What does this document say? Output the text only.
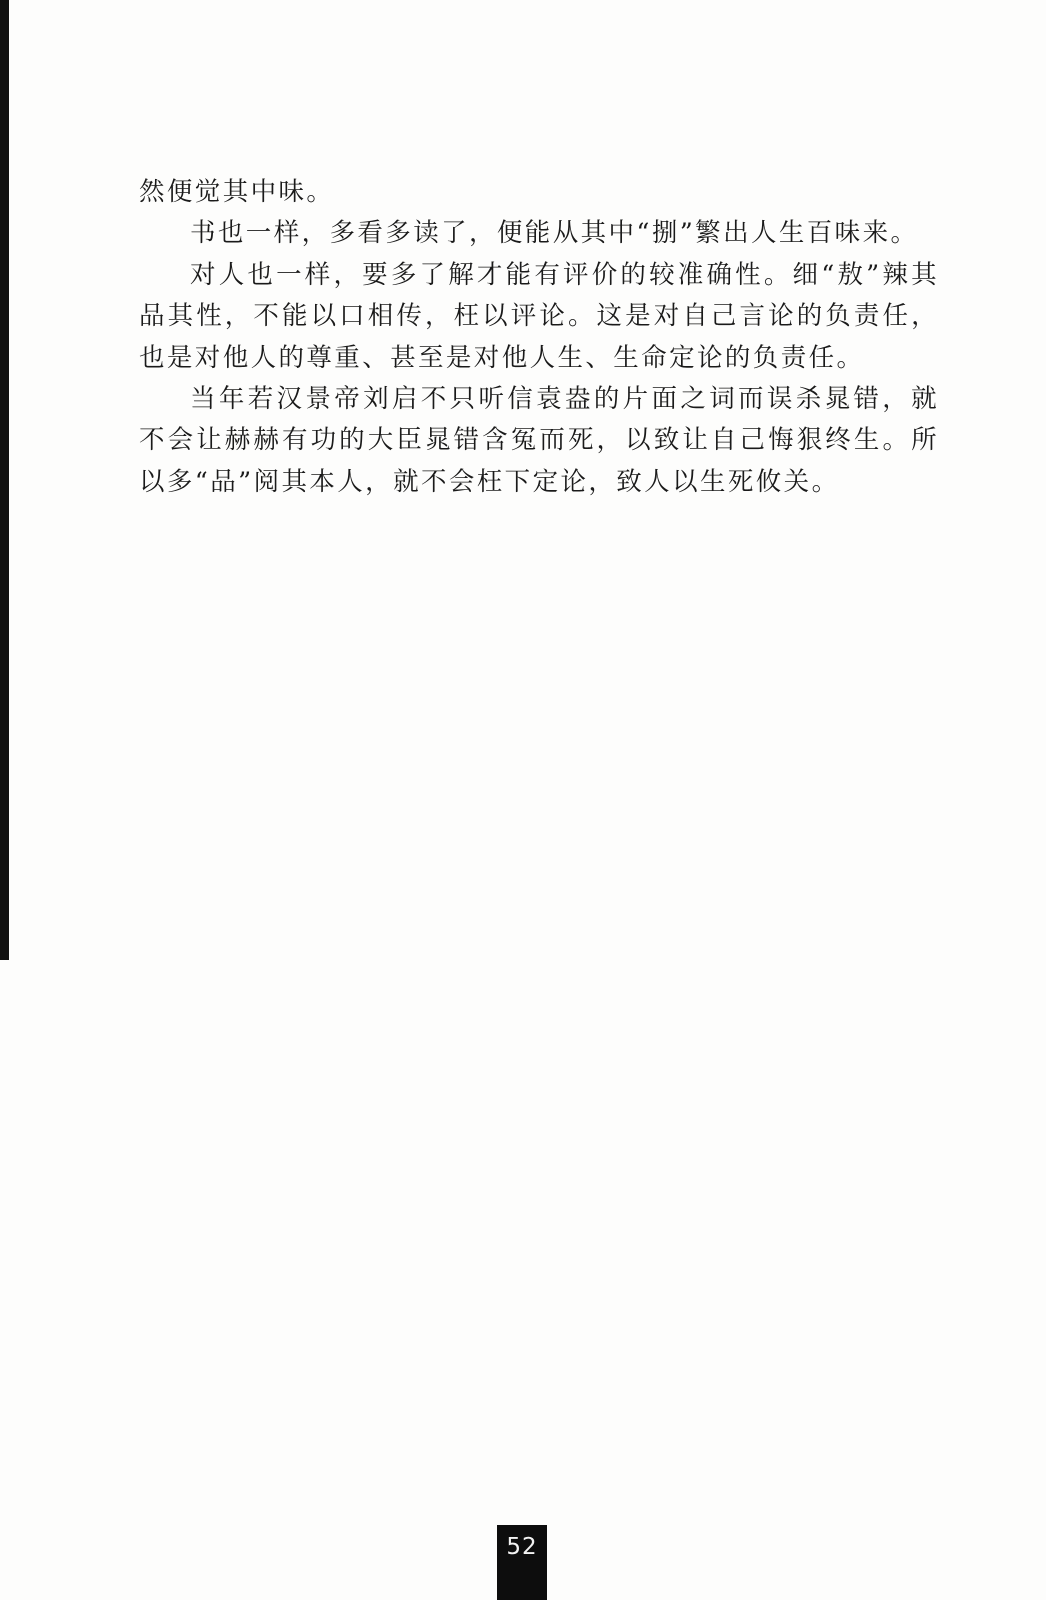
然便觉其中味。

书也一样，多看多读了，便能从其中“捌”繁出人生百味来。

对人也一样，要多了解才能有评价的较准确性。细“敖”辣其品其性，不能以口相传，枉以评论。这是对自己言论的负责任，也是对他人的尊重、甚至是对他人生、生命定论的负责任。

当年若汉景帝刘启不只听信袁盎的片面之词而误杀晁错，就不会让赫赫有功的大臣晁错含冤而死，以致让自己悔狠终生。所以多“品”阅其本人，就不会枉下定论，致人以生死攸关。

52
